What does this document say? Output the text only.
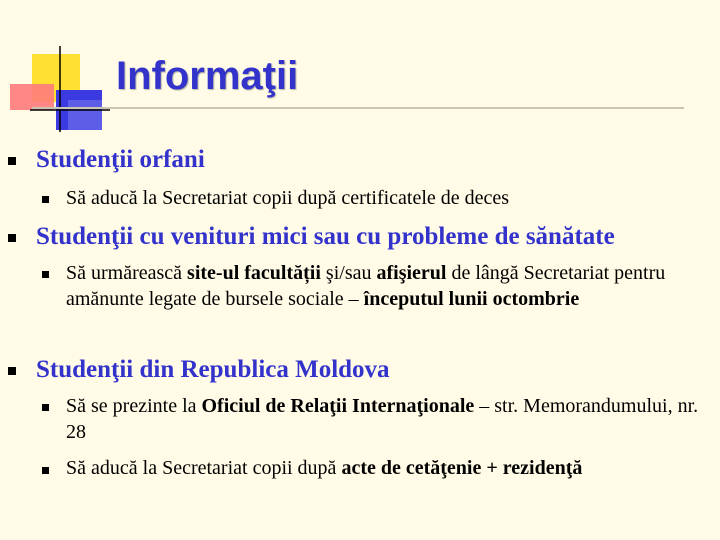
Informaţii

Studenţii orfani

Să aducă la Secretariat copii după certificatele de deces

Studenţii cu venituri mici sau cu probleme de sănătate

Să urmărească site-ul facultății şi/sau afişierul de lângă Secretariat pentru amănunte legate de bursele sociale – începutul lunii octombrie

Studenţii din Republica Moldova

Să se prezinte la Oficiul de Relaţii Internaţionale – str. Memorandumului, nr. 28

Să aducă la Secretariat copii după acte de cetăţenie + rezidenţă
